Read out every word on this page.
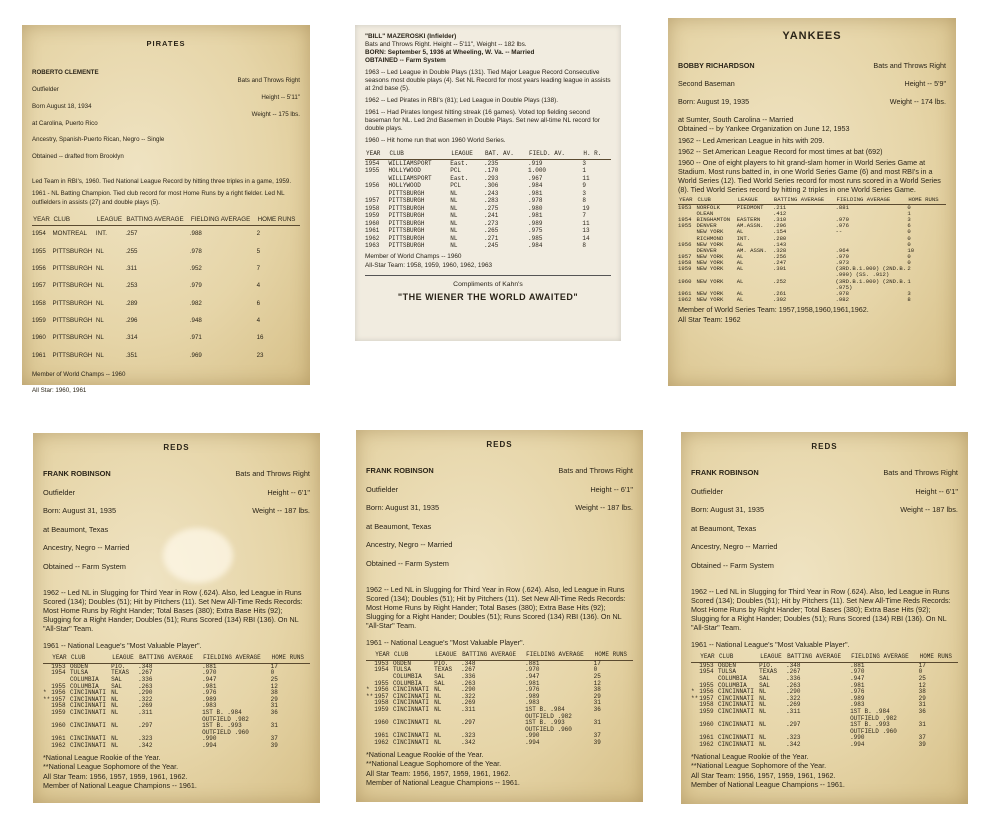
PIRATES

ROBERTO CLEMENTE

Outfielder

Born August 18, 1934

at Carolina, Puerto Rico

Ancestry, Spanish-Puerto Rican, Negro -- Single

Obtained -- drafted from Brooklyn

Bats and Throws Right

Height -- 5'11"

Weight -- 175 lbs.

Led Team in RBI's, 1960. Tied National League Record by hitting three triples in a game, 1959.

1961 - NL Batting Champion. Tied club record for most Home Runs by a right fielder. Led NL outfielders in assists (27) and double plays (5).

YEAR	CLUB	LEAGUE	BATTING AVERAGE	FIELDING AVERAGE	HOME RUNS
1954	MONTREAL	INT.	.257	.988	2
1955	PITTSBURGH	NL	.255	.978	5
1956	PITTSBURGH	NL	.311	.952	7
1957	PITTSBURGH	NL	.253	.979	4
1958	PITTSBURGH	NL	.289	.982	6
1959	PITTSBURGH	NL	.296	.948	4
1960	PITTSBURGH	NL	.314	.971	16
1961	PITTSBURGH	NL	.351	.969	23

Member of World Champs -- 1960

All Star: 1960, 1961

"BILL" MAZEROSKI (Infielder)
Bats and Throws Right. Height -- 5'11", Weight -- 182 lbs.
BORN: September 5, 1936 at Wheeling, W. Va. -- Married
OBTAINED -- Farm System

1963 -- Led League in Double Plays (131). Tied Major League Record Consecutive seasons most double plays (4). Set NL Record for most years leading league in assists at 2nd base (5).

1962 -- Led Pirates in RBI's (81); Led League in Double Plays (138).

1961 -- Had Pirates longest hitting streak (16 games). Voted top fielding second baseman for NL. Led 2nd Basemen in Double Plays. Set new all-time NL record for double plays.

1960 -- Hit home run that won 1960 World Series.

YEAR	CLUB	LEAGUE	BAT. AV.	FIELD. AV.	H. R.
1954	WILLIAMSPORT	East.	.235	.919	3
1955	HOLLYWOOD	PCL	.170	1.000	1
	WILLIAMSPORT	East.	.293	.967	11
1956	HOLLYWOOD	PCL	.306	.984	9
	PITTSBURGH	NL	.243	.981	3
1957	PITTSBURGH	NL	.283	.978	8
1958	PITTSBURGH	NL	.275	.980	19
1959	PITTSBURGH	NL	.241	.981	7
1960	PITTSBURGH	NL	.273	.989	11
1961	PITTSBURGH	NL	.265	.975	13
1962	PITTSBURGH	NL	.271	.985	14
1963	PITTSBURGH	NL	.245	.984	8

Member of World Champs -- 1960

All-Star Team: 1958, 1959, 1960, 1962, 1963

Compliments of Kahn's
"THE WIENER THE WORLD AWAITED"
YANKEES

BOBBY RICHARDSON

Second Baseman

Born: August 19, 1935

Bats and Throws Right

Height -- 5'9"

Weight -- 174 lbs.

at Sumter, South Carolina -- Married
Obtained -- by Yankee Organization on June 12, 1953

1962 -- Led American League in hits with 209.

1962 -- Set American League Record for most times at bat (692)

1960 -- One of eight players to hit grand-slam homer in World Series Game at Stadium. Most runs batted in, in one World Series Game (6) and most RBI's in a World Series (12). Tied World Series record for most runs scored in a World Series (8). Tied World Series record by hitting 2 triples in one World Series Game.

YEAR	CLUB	LEAGUE	BATTING AVERAGE	FIELDING AVERAGE	HOME RUNS
1953	NORFOLK	PIEDMONT	.211	.881	0
	OLEAN		.412		1
1954	BINGHAMTON	EASTERN	.310	.970	3
1955	DENVER	AM.ASSN.	.296	.976	6
	NEW YORK	AL	.154	--	0
	RICHMOND	INT.	.280		0
1956	NEW YORK	AL	.143		0
	DENVER	AM. ASSN.	.328	.964	10
1957	NEW YORK	AL	.256	.979	0
1958	NEW YORK	AL	.247	.973	0
1959	NEW YORK	AL	.301	(3RD.B.1.000) (2ND.B. .990) (SS. .912)	2
1960	NEW YORK	AL	.252	(3RD.B.1.000) (2ND.B. .975)	1
1961	NEW YORK	AL	.261	.978	3
1962	NEW YORK	AL	.302	.982	8

Member of World Series Team: 1957,1958,1960,1961,1962.

All Star Team: 1962

REDS

FRANK ROBINSON

Outfielder

Born: August 31, 1935

at Beaumont, Texas

Ancestry, Negro -- Married

Obtained -- Farm System

Bats and Throws Right

Height -- 6'1"

Weight -- 187 lbs.

1962 -- Led NL in Slugging for Third Year in Row (.624). Also, led League in Runs Scored (134); Doubles (51); Hit by Pitchers (11). Set New All-Time Reds Records: Most Home Runs by Right Hander; Total Bases (380); Extra Base Hits (92); Slugging for a Right Hander; Doubles (51); Runs Scored (134) RBI (136). On NL "All-Star" Team.

1961 -- National League's "Most Valuable Player".

	YEAR	CLUB	LEAGUE	BATTING AVERAGE	FIELDING AVERAGE	HOME RUNS
	1953	OGDEN	PIO.	.348	.881	17
	1954	TULSA	TEXAS	.267	.970	0
		COLUMBIA	SAL	.336	.947	25
	1955	COLUMBIA	SAL	.263	.981	12
*	1956	CINCINNATI	NL	.290	.976	38
**	1957	CINCINNATI	NL	.322	.989	29
	1958	CINCINNATI	NL	.269	.983	31
	1959	CINCINNATI	NL	.311	1ST B. .984 OUTFIELD .982	36
	1960	CINCINNATI	NL	.297	1ST B. .993 OUTFIELD .960	31
	1961	CINCINNATI	NL	.323	.990	37
	1962	CINCINNATI	NL	.342	.994	39

*National League Rookie of the Year.

**National League Sophomore of the Year.

All Star Team: 1956, 1957, 1959, 1961, 1962.

Member of National League Champions -- 1961.

REDS

FRANK ROBINSON

Outfielder

Born: August 31, 1935

at Beaumont, Texas

Ancestry, Negro -- Married

Obtained -- Farm System

Bats and Throws Right

Height -- 6'1"

Weight -- 187 lbs.

1962 -- Led NL in Slugging for Third Year in Row (.624). Also, led League in Runs Scored (134); Doubles (51); Hit by Pitchers (11). Set New All-Time Reds Records: Most Home Runs by Right Hander; Total Bases (380); Extra Base Hits (92); Slugging for a Right Hander; Doubles (51); Runs Scored (134) RBI (136). On NL "All-Star" Team.

1961 -- National League's "Most Valuable Player".

	YEAR	CLUB	LEAGUE	BATTING AVERAGE	FIELDING AVERAGE	HOME RUNS
	1953	OGDEN	PIO.	.348	.881	17
	1954	TULSA	TEXAS	.267	.970	0
		COLUMBIA	SAL	.336	.947	25
	1955	COLUMBIA	SAL	.263	.981	12
*	1956	CINCINNATI	NL	.290	.976	38
**	1957	CINCINNATI	NL	.322	.989	29
	1958	CINCINNATI	NL	.269	.983	31
	1959	CINCINNATI	NL	.311	1ST B. .984 OUTFIELD .982	36
	1960	CINCINNATI	NL	.297	1ST B. .993 OUTFIELD .960	31
	1961	CINCINNATI	NL	.323	.990	37
	1962	CINCINNATI	NL	.342	.994	39

*National League Rookie of the Year.

**National League Sophomore of the Year.

All Star Team: 1956, 1957, 1959, 1961, 1962.

Member of National League Champions -- 1961.

REDS

FRANK ROBINSON

Outfielder

Born: August 31, 1935

at Beaumont, Texas

Ancestry, Negro -- Married

Obtained -- Farm System

Bats and Throws Right

Height -- 6'1"

Weight -- 187 lbs.

1962 -- Led NL in Slugging for Third Year in Row (.624). Also, led League in Runs Scored (134); Doubles (51); Hit by Pitchers (11). Set New All-Time Reds Records: Most Home Runs by Right Hander; Total Bases (380); Extra Base Hits (92); Slugging for a Right Hander; Doubles (51); Runs Scored (134) RBI (136). On NL "All-Star" Team.

1961 -- National League's "Most Valuable Player".

	YEAR	CLUB	LEAGUE	BATTING AVERAGE	FIELDING AVERAGE	HOME RUNS
	1953	OGDEN	PIO.	.348	.881	17
	1954	TULSA	TEXAS	.267	.970	0
		COLUMBIA	SAL	.336	.947	25
	1955	COLUMBIA	SAL	.263	.981	12
*	1956	CINCINNATI	NL	.290	.976	38
**	1957	CINCINNATI	NL	.322	.989	29
	1958	CINCINNATI	NL	.269	.983	31
	1959	CINCINNATI	NL	.311	1ST B. .984 OUTFIELD .982	36
	1960	CINCINNATI	NL	.297	1ST B. .993 OUTFIELD .960	31
	1961	CINCINNATI	NL	.323	.990	37
	1962	CINCINNATI	NL	.342	.994	39

*National League Rookie of the Year.

**National League Sophomore of the Year.

All Star Team: 1956, 1957, 1959, 1961, 1962.

Member of National League Champions -- 1961.
